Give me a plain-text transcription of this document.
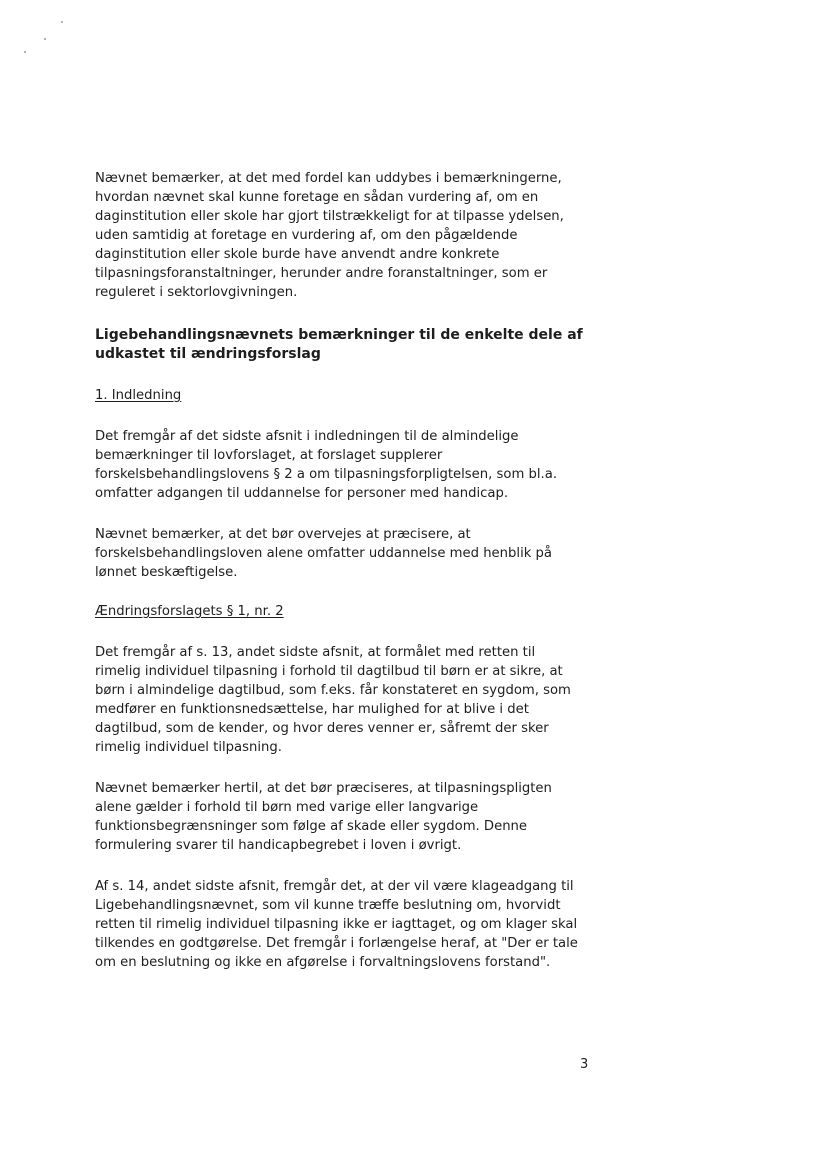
Nævnet bemærker, at det med fordel kan uddybes i bemærkningerne,
hvordan nævnet skal kunne foretage en sådan vurdering af, om en
daginstitution eller skole har gjort tilstrækkeligt for at tilpasse ydelsen,
uden samtidig at foretage en vurdering af, om den pågældende
daginstitution eller skole burde have anvendt andre konkrete
tilpasningsforanstaltninger, herunder andre foranstaltninger, som er
reguleret i sektorlovgivningen.
Ligebehandlingsnævnets bemærkninger til de enkelte dele af
udkastet til ændringsforslag
1. Indledning
Det fremgår af det sidste afsnit i indledningen til de almindelige
bemærkninger til lovforslaget, at forslaget supplerer
forskelsbehandlingslovens § 2 a om tilpasningsforpligtelsen, som bl.a.
omfatter adgangen til uddannelse for personer med handicap.
Nævnet bemærker, at det bør overvejes at præcisere, at
forskelsbehandlingsloven alene omfatter uddannelse med henblik på
lønnet beskæftigelse.
Ændringsforslagets § 1, nr. 2
Det fremgår af s. 13, andet sidste afsnit, at formålet med retten til
rimelig individuel tilpasning i forhold til dagtilbud til børn er at sikre, at
børn i almindelige dagtilbud, som f.eks. får konstateret en sygdom, som
medfører en funktionsnedsættelse, har mulighed for at blive i det
dagtilbud, som de kender, og hvor deres venner er, såfremt der sker
rimelig individuel tilpasning.
Nævnet bemærker hertil, at det bør præciseres, at tilpasningspligten
alene gælder i forhold til børn med varige eller langvarige
funktionsbegrænsninger som følge af skade eller sygdom. Denne
formulering svarer til handicapbegrebet i loven i øvrigt.
Af s. 14, andet sidste afsnit, fremgår det, at der vil være klageadgang til
Ligebehandlingsnævnet, som vil kunne træffe beslutning om, hvorvidt
retten til rimelig individuel tilpasning ikke er iagttaget, og om klager skal
tilkendes en godtgørelse. Det fremgår i forlængelse heraf, at "Der er tale
om en beslutning og ikke en afgørelse i forvaltningslovens forstand".
3
